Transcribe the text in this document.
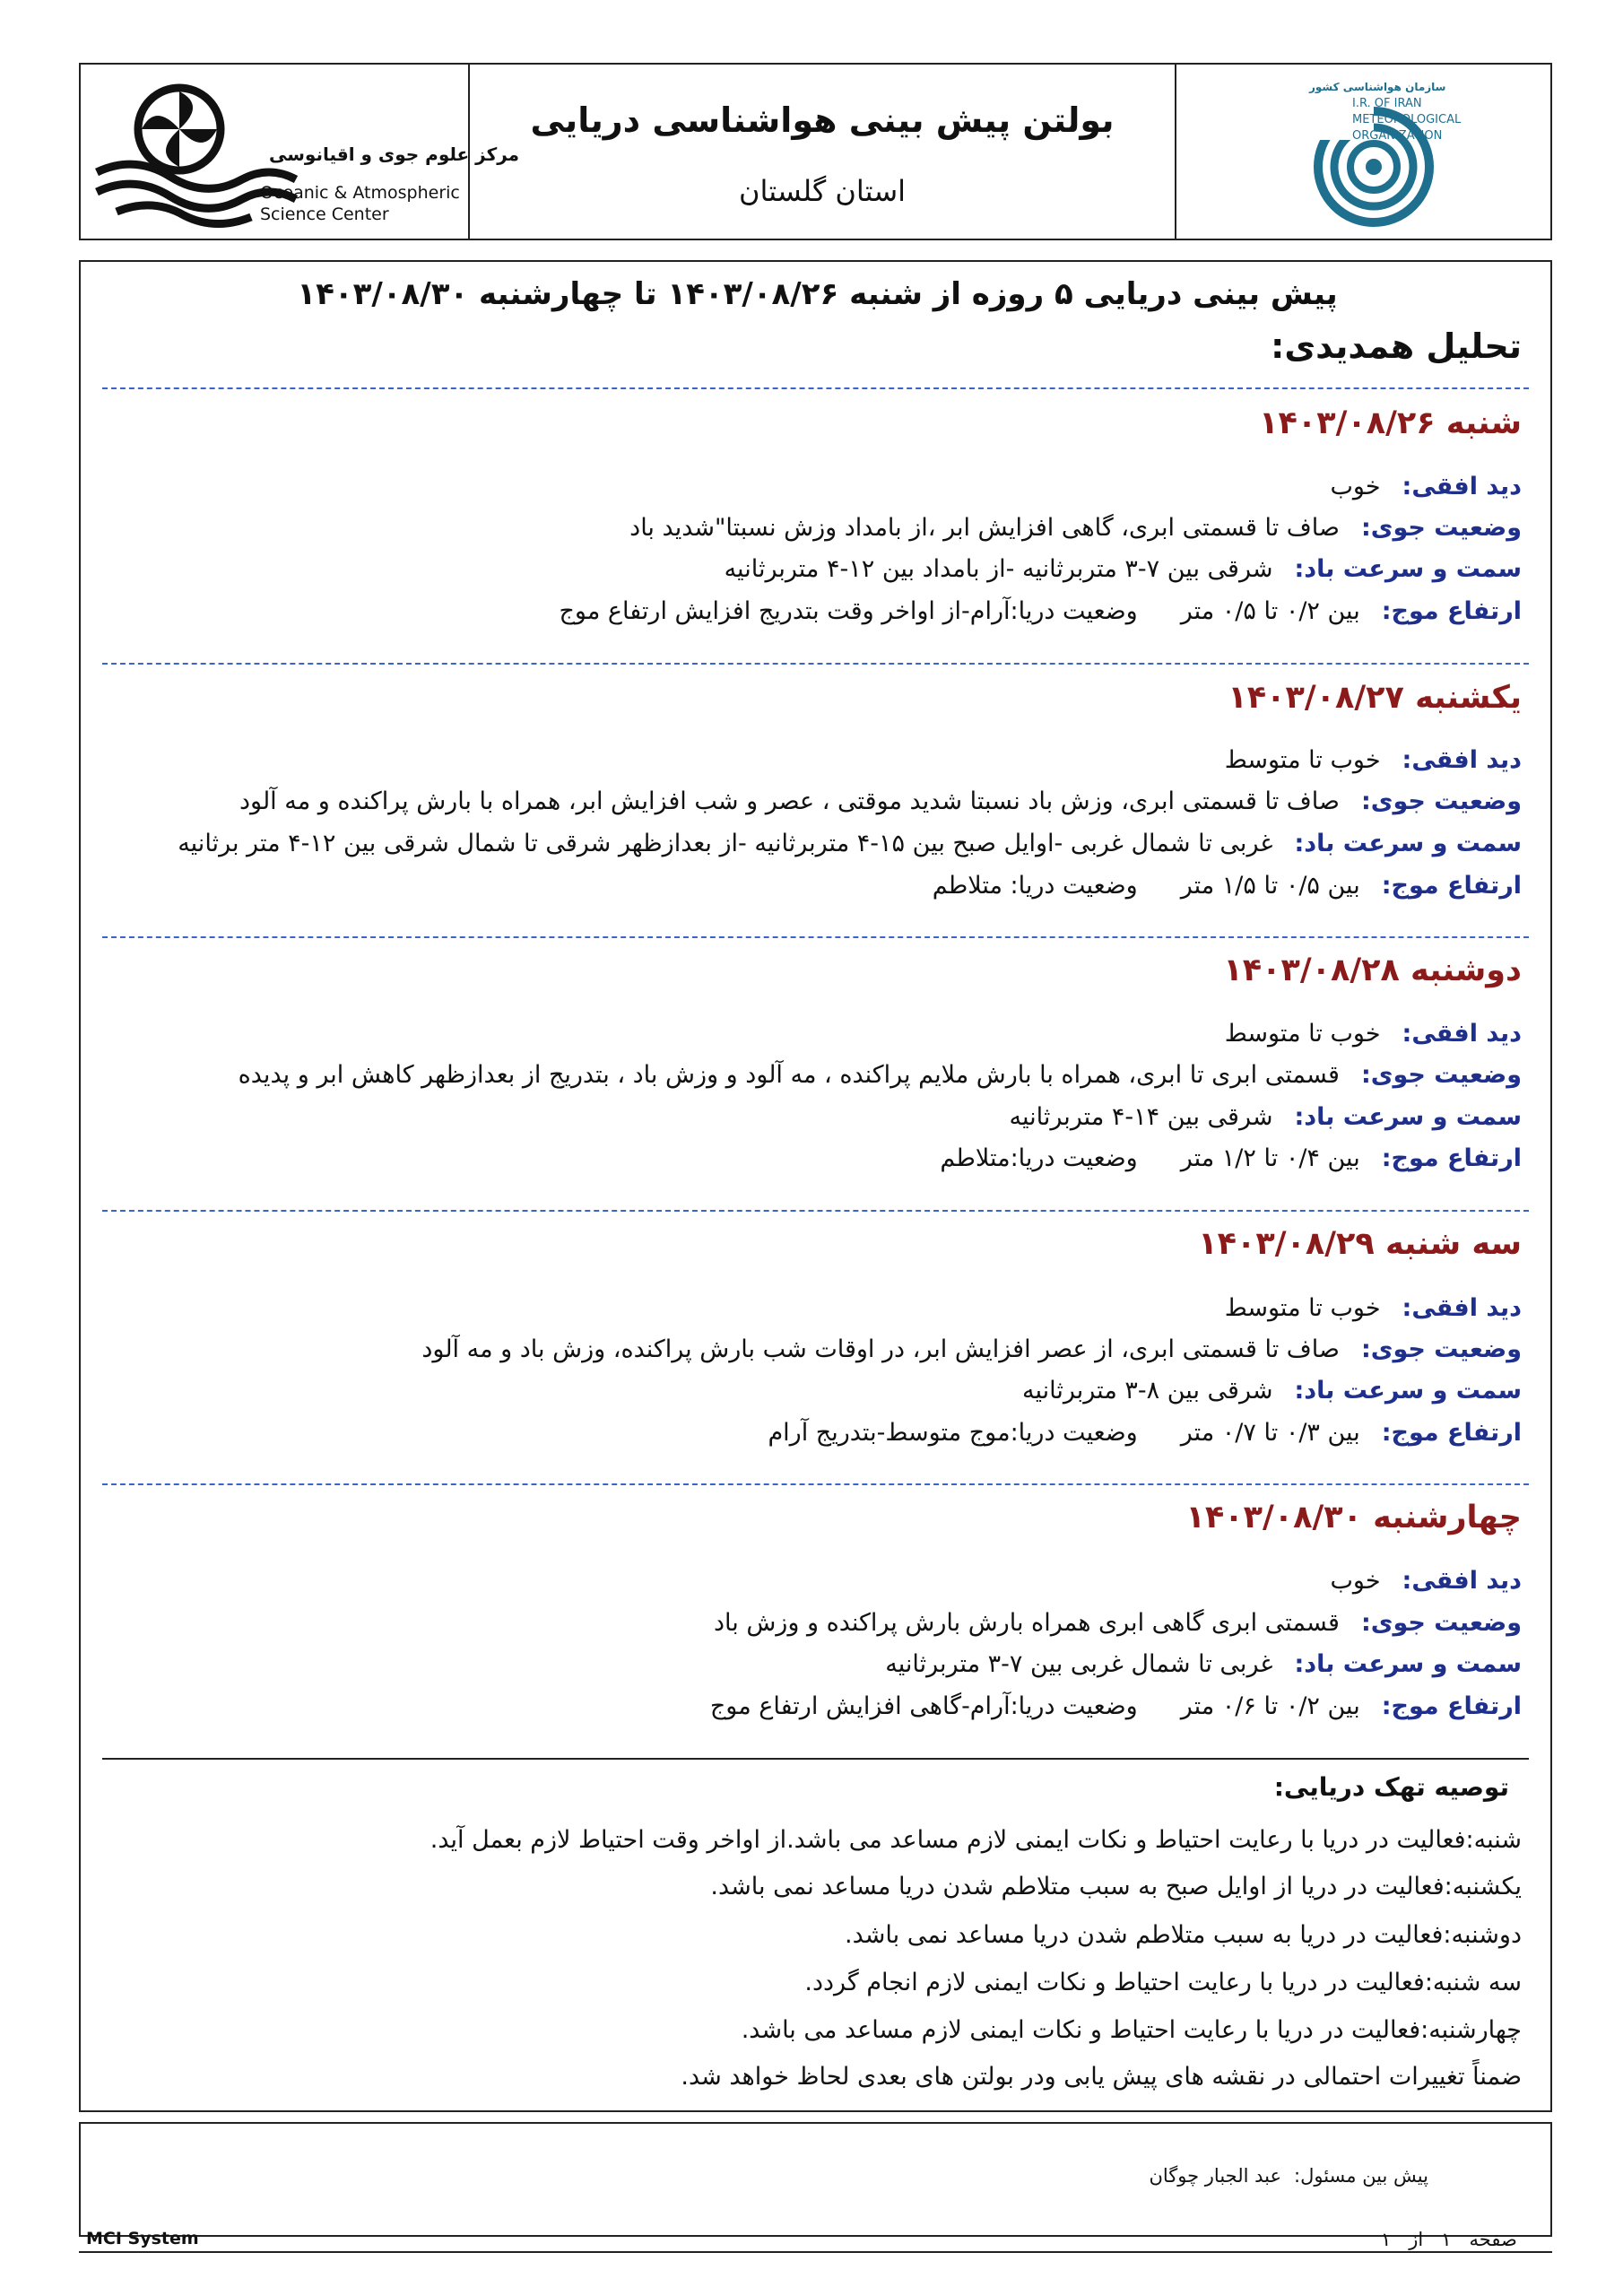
مرکز علوم جوی و اقیانوسی
Oceanic & Atmospheric
Science Center
بولتن پیش بینی هواشناسی دریایی
استان گلستان
سازمان هواشناسی کشور
I.R. OF IRAN
METEOROLOGICAL
ORGANIZATION
پیش بینی دریایی ۵ روزه از شنبه ۱۴۰۳/۰۸/۲۶ تا چهارشنبه ۱۴۰۳/۰۸/۳۰
تحلیل همدیدی:
شنبه ۱۴۰۳/۰۸/۲۶
دید افقی:خوب
وضعیت جوی:صاف تا قسمتی ابری، گاهی افزایش ابر ،از بامداد وزش نسبتا"شدید باد
سمت و سرعت باد:شرقی بین ۷-۳ متربرثانیه -از بامداد بین ۱۲-۴ متربرثانیه
ارتفاع موج:بین ۰/۲ تا ۰/۵ متروضعیت دریا:آرام-از اواخر وقت بتدریج افزایش ارتفاع موج
یکشنبه ۱۴۰۳/۰۸/۲۷
دید افقی:خوب تا متوسط
وضعیت جوی:صاف تا قسمتی ابری، وزش باد نسبتا شدید موقتی ، عصر و شب افزایش ابر، همراه با بارش پراکنده و مه آلود
سمت و سرعت باد:غربی تا شمال غربی -اوایل صبح بین ۱۵-۴ متربرثانیه -از بعدازظهر شرقی تا شمال شرقی بین ۱۲-۴ متر برثانیه
ارتفاع موج:بین ۰/۵ تا ۱/۵ متروضعیت دریا: متلاطم
دوشنبه ۱۴۰۳/۰۸/۲۸
دید افقی:خوب تا متوسط
وضعیت جوی:قسمتی ابری تا ابری، همراه با بارش ملایم پراکنده ، مه آلود و وزش باد ، بتدریج از بعدازظهر کاهش ابر و پدیده
سمت و سرعت باد:شرقی بین ۱۴-۴ متربرثانیه
ارتفاع موج:بین ۰/۴ تا ۱/۲ متروضعیت دریا:متلاطم
سه شنبه ۱۴۰۳/۰۸/۲۹
دید افقی:خوب تا متوسط
وضعیت جوی:صاف تا قسمتی ابری، از عصر افزایش ابر، در اوقات شب بارش پراکنده، وزش باد و مه آلود
سمت و سرعت باد:شرقی بین ۸-۳ متربرثانیه
ارتفاع موج:بین ۰/۳ تا ۰/۷ متروضعیت دریا:موج متوسط-بتدریج آرام
چهارشنبه ۱۴۰۳/۰۸/۳۰
دید افقی:خوب
وضعیت جوی:قسمتی ابری گاهی ابری همراه بارش بارش پراکنده و وزش باد
سمت و سرعت باد:غربی تا شمال غربی بین ۷-۳ متربرثانیه
ارتفاع موج:بین ۰/۲ تا ۰/۶ متروضعیت دریا:آرام-گاهی افزایش ارتفاع موج
توصیه تهک دریایی:
شنبه:فعالیت در دریا با رعایت احتیاط و نکات ایمنی لازم مساعد می باشد.از اواخر وقت احتیاط لازم بعمل آید.
یکشنبه:فعالیت در دریا از اوایل صبح به سبب متلاطم شدن دریا مساعد نمی باشد.
دوشنبه:فعالیت در دریا به سبب متلاطم شدن دریا مساعد نمی باشد.
سه شنبه:فعالیت در دریا با رعایت احتیاط و نکات ایمنی لازم انجام گردد.
چهارشنبه:فعالیت در دریا با رعایت احتیاط و نکات ایمنی لازم مساعد می باشد.
ضمناً تغییرات احتمالی در نقشه های پیش یابی ودر بولتن های بعدی لحاظ خواهد شد.
پیش بین مسئول:عبد الجبار چوگان
MCI System	صفحه۱از۱
